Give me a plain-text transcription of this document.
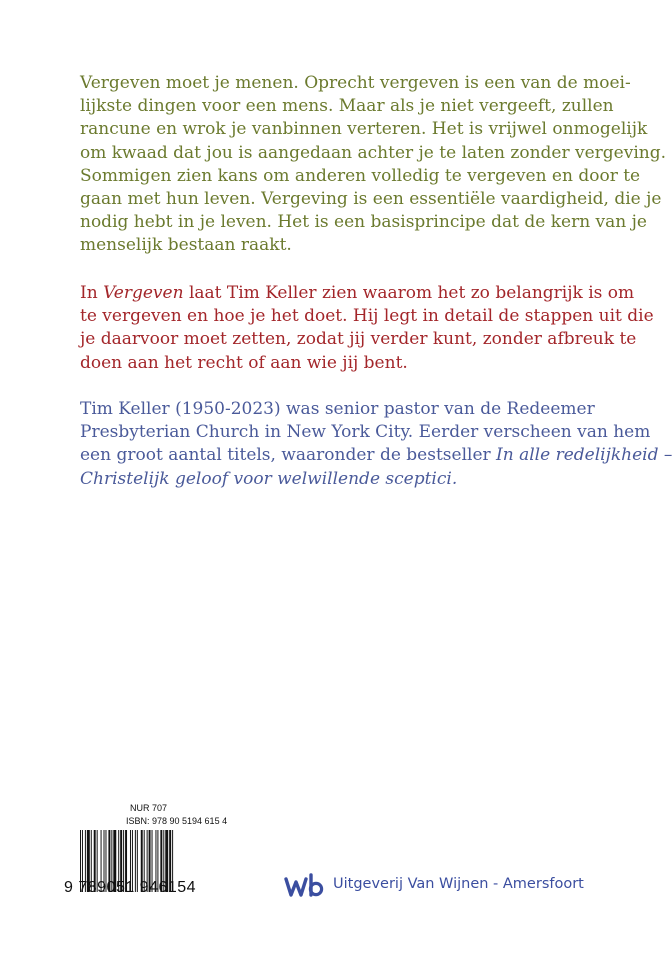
Vergeven moet je menen. Oprecht vergeven is een van de moei-
lijkste dingen voor een mens. Maar als je niet vergeeft, zullen
rancune en wrok je vanbinnen verteren. Het is vrijwel onmogelijk
om kwaad dat jou is aangedaan achter je te laten zonder vergeving.
Sommigen zien kans om anderen volledig te vergeven en door te
gaan met hun leven. Vergeving is een essentiële vaardigheid, die je
nodig hebt in je leven. Het is een basisprincipe dat de kern van je
menselijk bestaan raakt.

In Vergeven laat Tim Keller zien waarom het zo belangrijk is om
te vergeven en hoe je het doet. Hij legt in detail de stappen uit die
je daarvoor moet zetten, zodat jij verder kunt, zonder afbreuk te
doen aan het recht of aan wie jij bent.

Tim Keller (1950-2023) was senior pastor van de Redeemer
Presbyterian Church in New York City. Eerder verscheen van hem
een groot aantal titels, waaronder de bestseller In alle redelijkheid –
Christelijk geloof voor welwillende sceptici.

NUR 707
ISBN: 978 90 5194 615 4
9 789051 946154	Uitgeverij Van Wijnen - Amersfoort
